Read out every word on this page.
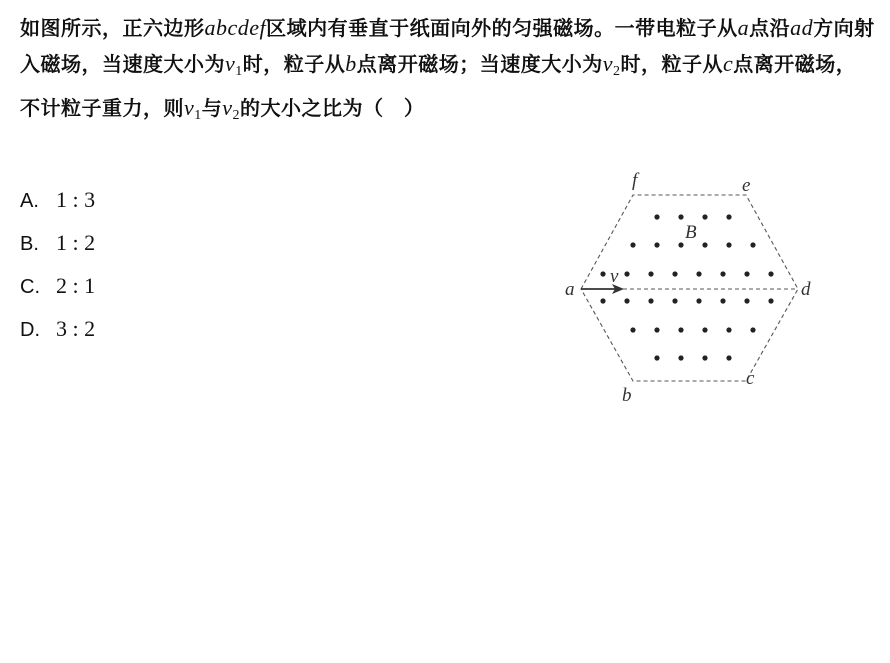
如图所示，正六边形abcdef区域内有垂直于纸面向外的匀强磁场。一带电粒子从a点沿ad方向射入磁场，当速度大小为$v_1$时，粒子从b点离开磁场；当速度大小为$v_2$时，粒子从c点离开磁场，不计粒子重力，则$v_1$与$v_2$的大小之比为（　）
A. 1 : 3
B. 1 : 2
C. 2 : 1
D. 3 : 2
v
B
a
b
c
d
e
f
